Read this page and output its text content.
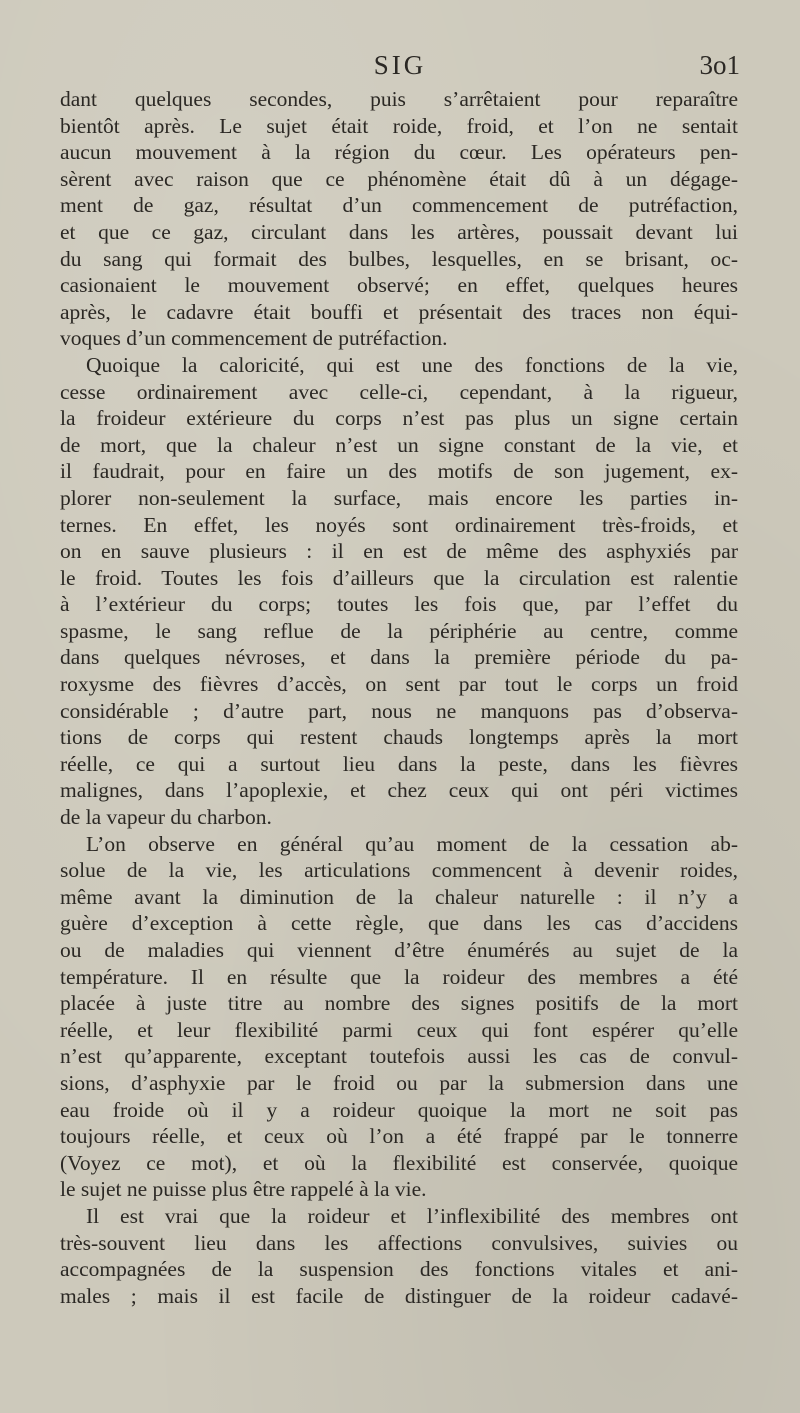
SIG	3o1
dant quelques secondes, puis s’arrêtaient pour reparaître
bientôt après. Le sujet était roide, froid, et l’on ne sentait
aucun mouvement à la région du cœur. Les opérateurs pen-
sèrent avec raison que ce phénomène était dû à un dégage-
ment de gaz, résultat d’un commencement de putréfaction,
et que ce gaz, circulant dans les artères, poussait devant lui
du sang qui formait des bulbes, lesquelles, en se brisant, oc-
casionaient le mouvement observé; en effet, quelques heures
après, le cadavre était bouffi et présentait des traces non équi-
voques d’un commencement de putréfaction.
Quoique la caloricité, qui est une des fonctions de la vie,
cesse ordinairement avec celle-ci, cependant, à la rigueur,
la froideur extérieure du corps n’est pas plus un signe certain
de mort, que la chaleur n’est un signe constant de la vie, et
il faudrait, pour en faire un des motifs de son jugement, ex-
plorer non-seulement la surface, mais encore les parties in-
ternes. En effet, les noyés sont ordinairement très-froids, et
on en sauve plusieurs : il en est de même des asphyxiés par
le froid. Toutes les fois d’ailleurs que la circulation est ralentie
à l’extérieur du corps; toutes les fois que, par l’effet du
spasme, le sang reflue de la périphérie au centre, comme
dans quelques névroses, et dans la première période du pa-
roxysme des fièvres d’accès, on sent par tout le corps un froid
considérable ; d’autre part, nous ne manquons pas d’observa-
tions de corps qui restent chauds longtemps après la mort
réelle, ce qui a surtout lieu dans la peste, dans les fièvres
malignes, dans l’apoplexie, et chez ceux qui ont péri victimes
de la vapeur du charbon.
L’on observe en général qu’au moment de la cessation ab-
solue de la vie, les articulations commencent à devenir roides,
même avant la diminution de la chaleur naturelle : il n’y a
guère d’exception à cette règle, que dans les cas d’accidens
ou de maladies qui viennent d’être énumérés au sujet de la
température. Il en résulte que la roideur des membres a été
placée à juste titre au nombre des signes positifs de la mort
réelle, et leur flexibilité parmi ceux qui font espérer qu’elle
n’est qu’apparente, exceptant toutefois aussi les cas de convul-
sions, d’asphyxie par le froid ou par la submersion dans une
eau froide où il y a roideur quoique la mort ne soit pas
toujours réelle, et ceux où l’on a été frappé par le tonnerre
(Voyez ce mot), et où la flexibilité est conservée, quoique
le sujet ne puisse plus être rappelé à la vie.
Il est vrai que la roideur et l’inflexibilité des membres ont
très-souvent lieu dans les affections convulsives, suivies ou
accompagnées de la suspension des fonctions vitales et ani-
males ; mais il est facile de distinguer de la roideur cadavé-
